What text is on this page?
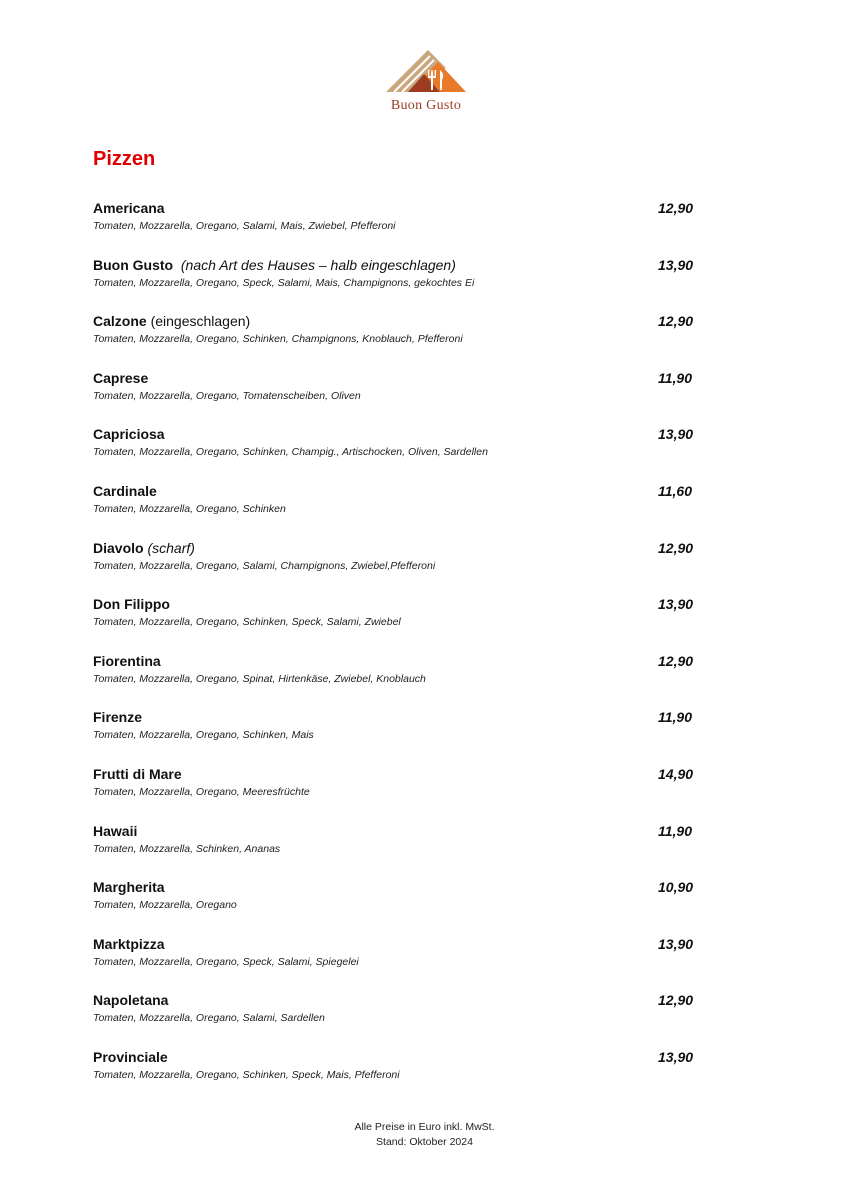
Buon Gusto
Pizzen
Americana
Tomaten, Mozzarella, Oregano, Salami, Mais, Zwiebel, Pfefferoni
12,90
Buon Gusto  (nach Art des Hauses – halb eingeschlagen)
Tomaten, Mozzarella, Oregano, Speck, Salami, Mais, Champignons, gekochtes Ei
13,90
Calzone (eingeschlagen)
Tomaten, Mozzarella, Oregano, Schinken, Champignons, Knoblauch, Pfefferoni
12,90
Caprese
Tomaten, Mozzarella, Oregano, Tomatenscheiben, Oliven
11,90
Capriciosa
Tomaten, Mozzarella, Oregano, Schinken, Champig., Artischocken, Oliven, Sardellen
13,90
Cardinale
Tomaten, Mozzarella, Oregano, Schinken
11,60
Diavolo (scharf)
Tomaten, Mozzarella, Oregano, Salami, Champignons, Zwiebel,Pfefferoni
12,90
Don Filippo
Tomaten, Mozzarella, Oregano, Schinken, Speck, Salami, Zwiebel
13,90
Fiorentina
Tomaten, Mozzarella, Oregano, Spinat, Hirtenkäse, Zwiebel, Knoblauch
12,90
Firenze
Tomaten, Mozzarella, Oregano, Schinken, Mais
11,90
Frutti di Mare
Tomaten, Mozzarella, Oregano, Meeresfrüchte
14,90
Hawaii
Tomaten, Mozzarella, Schinken, Ananas
11,90
Margherita
Tomaten, Mozzarella, Oregano
10,90
Marktpizza
Tomaten, Mozzarella, Oregano, Speck, Salami, Spiegelei
13,90
Napoletana
Tomaten, Mozzarella, Oregano, Salami, Sardellen
12,90
Provinciale
Tomaten, Mozzarella, Oregano, Schinken, Speck, Mais, Pfefferoni
13,90
Alle Preise in Euro inkl. MwSt.
Stand: Oktober 2024
